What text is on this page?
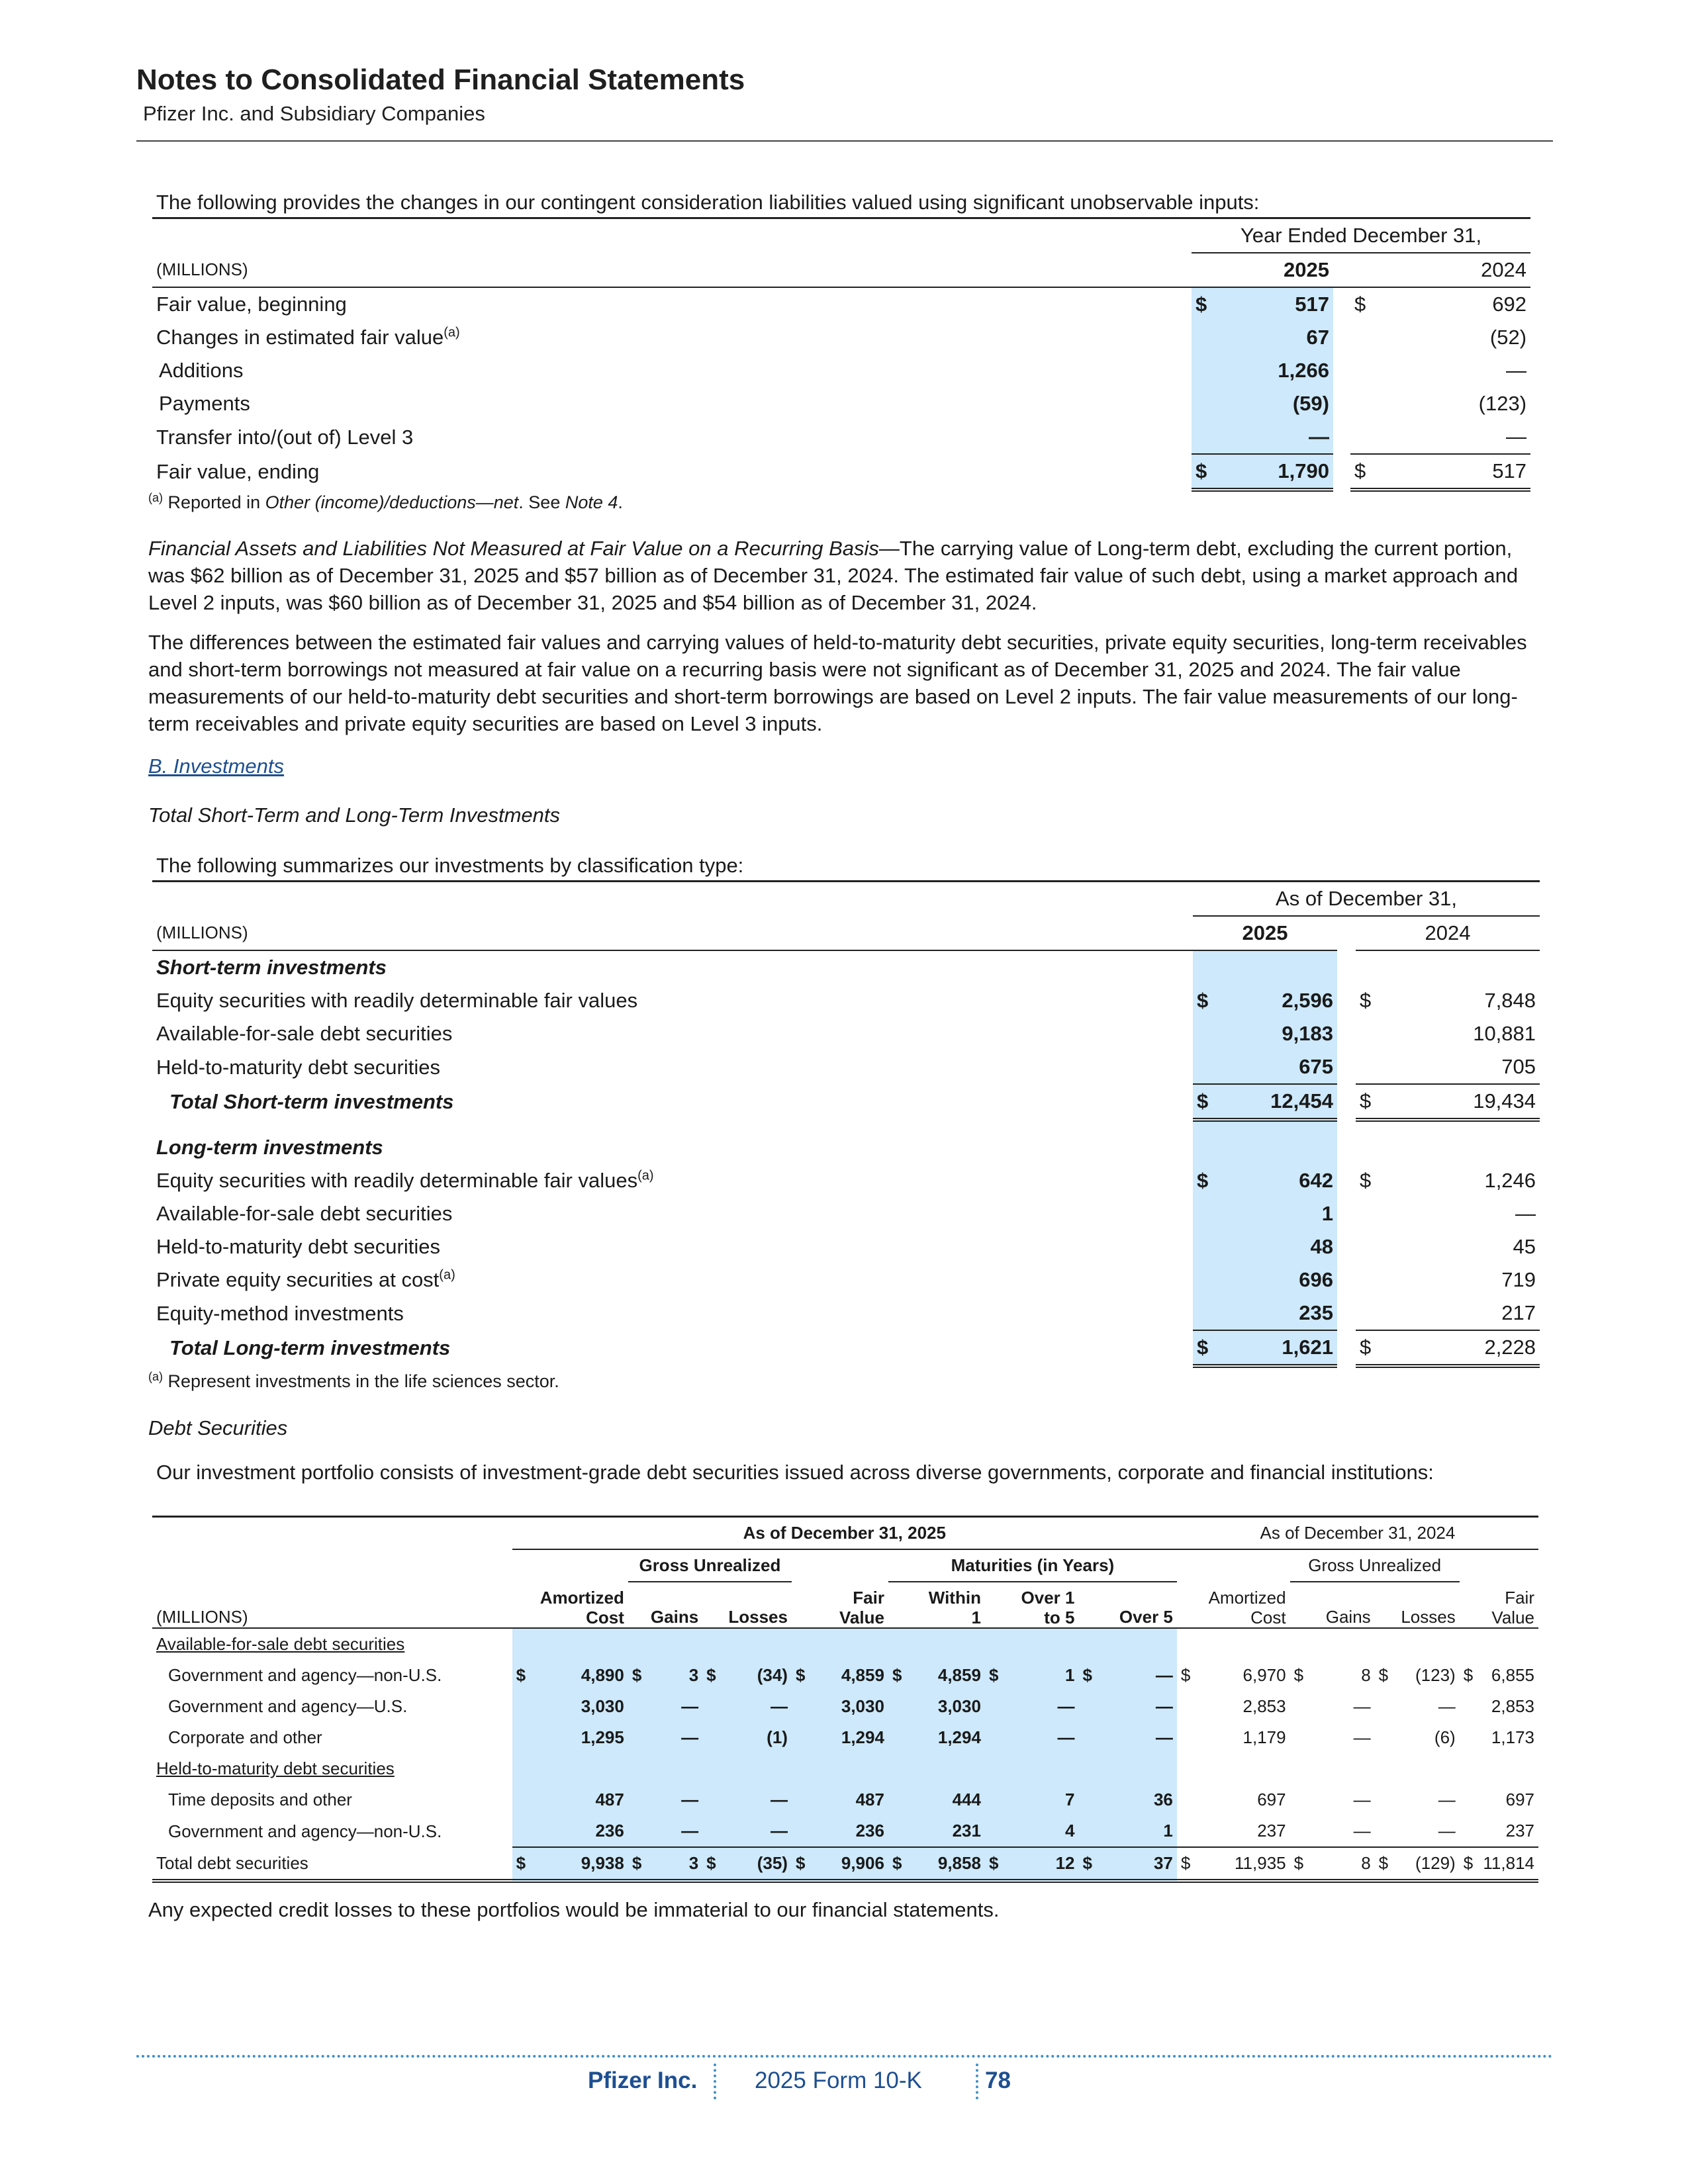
Notes to Consolidated Financial Statements
Pfizer Inc. and Subsidiary Companies
The following provides the changes in our contingent consideration liabilities valued using significant unobservable inputs:
	Year Ended December 31,				
(MILLIONS)	2025			2024	
Fair value, beginning	$	517		$	692
Changes in estimated fair value$^{(a)}$		67			(52)
Additions		1,266			—
Payments		(59)			(123)
Transfer into/(out of) Level 3		—			—
Fair value, ending	$	1,790		$	517
$^{(a)}$ Reported in Other (income)/deductions—net. See Note 4.
Financial Assets and Liabilities Not Measured at Fair Value on a Recurring Basis—The carrying value of Long-term debt, excluding the current portion, was $62 billion as of December 31, 2025 and $57 billion as of December 31, 2024. The estimated fair value of such debt, using a market approach and Level 2 inputs, was $60 billion as of December 31, 2025 and $54 billion as of December 31, 2024.
The differences between the estimated fair values and carrying values of held-to-maturity debt securities, private equity securities, long-term receivables and short-term borrowings not measured at fair value on a recurring basis were not significant as of December 31, 2025 and 2024. The fair value measurements of our held-to-maturity debt securities and short-term borrowings are based on Level 2 inputs. The fair value measurements of our long-term receivables and private equity securities are based on Level 3 inputs.
B. Investments
Total Short-Term and Long-Term Investments
The following summarizes our investments by classification type:
	As of December 31,				
(MILLIONS)	2025			2024	
Short-term investments					
Equity securities with readily determinable fair values	$	2,596		$	7,848
Available-for-sale debt securities		9,183			10,881
Held-to-maturity debt securities		675			705
Total Short-term investments	$	12,454		$	19,434

Long-term investments					
Equity securities with readily determinable fair values$^{(a)}$	$	642		$	1,246
Available-for-sale debt securities		1			—
Held-to-maturity debt securities		48			45
Private equity securities at cost$^{(a)}$		696			719
Equity-method investments		235			217
Total Long-term investments	$	1,621		$	2,228
$^{(a)}$ Represent investments in the life sciences sector.
Debt Securities
Our investment portfolio consists of investment-grade debt securities issued across diverse governments, corporate and financial institutions:
	As of December 31, 2025														As of December 31, 2024							
			Gross Unrealized						Maturities (in Years)								Gross Unrealized					
(MILLIONS)	Amortized
Cost		Gains		Losses		Fair
Value		Within
1		Over 1
to 5		Over 5		Amortized
Cost		Gains		Losses		Fair
Value	
Available-for-sale debt securities																						
Government and agency—non-U.S.	$	4,890	$	3	$	(34)	$	4,859	$	4,859	$	1	$	—	$	6,970	$	8	$	(123)	$	6,855
Government and agency—U.S.		3,030		—		—		3,030		3,030		—		—		2,853		—		—		2,853
Corporate and other		1,295		—		(1)		1,294		1,294		—		—		1,179		—		(6)		1,173
Held-to-maturity debt securities																						
Time deposits and other		487		—		—		487		444		7		36		697		—		—		697
Government and agency—non-U.S.		236		—		—		236		231		4		1		237		—		—		237
Total debt securities	$	9,938	$	3	$	(35)	$	9,906	$	9,858	$	12	$	37	$	11,935	$	8	$	(129)	$	11,814
Any expected credit losses to these portfolios would be immaterial to our financial statements.
Pfizer Inc. 2025 Form 10-K	78
